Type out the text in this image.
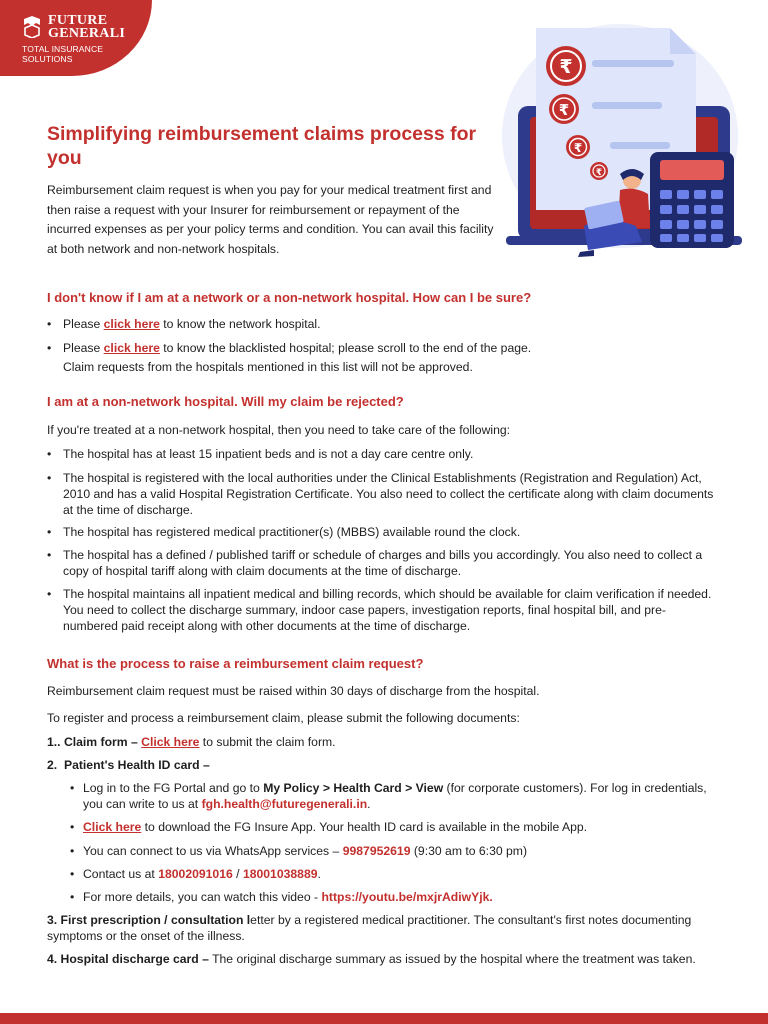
FUTURE
GENERALI
TOTAL INSURANCE SOLUTIONS	₹
₹
₹
₹
Simplifying reimbursement claims process for you
Reimbursement claim request is when you pay for your medical treatment first and then raise a request with your Insurer for reimbursement or repayment of the incurred expenses as per your policy terms and condition. You can avail this facility at both network and non-network hospitals.
I don't know if I am at a network or a non-network hospital. How can I be sure?
• Please click here to know the network hospital.
• Please click here to know the blacklisted hospital; please scroll to the end of the page.
Claim requests from the hospitals mentioned in this list will not be approved.
I am at a non-network hospital. Will my claim be rejected?
If you're treated at a non-network hospital, then you need to take care of the following:
• The hospital has at least 15 inpatient beds and is not a day care centre only.
• The hospital is registered with the local authorities under the Clinical Establishments (Registration and Regulation) Act, 2010 and has a valid Hospital Registration Certificate. You also need to collect the certificate along with claim documents at the time of discharge.
• The hospital has registered medical practitioner(s) (MBBS) available round the clock.
• The hospital has a defined / published tariff or schedule of charges and bills you accordingly. You also need to collect a copy of hospital tariff along with claim documents at the time of discharge.
• The hospital maintains all inpatient medical and billing records, which should be available for claim verification if needed. You need to collect the discharge summary, indoor case papers, investigation reports, final hospital bill, and pre-numbered paid receipt along with other documents at the time of discharge.
What is the process to raise a reimbursement claim request?
Reimbursement claim request must be raised within 30 days of discharge from the hospital.
To register and process a reimbursement claim, please submit the following documents:
1.. Claim form – Click here to submit the claim form.
2. Patient's Health ID card –
• Log in to the FG Portal and go to My Policy > Health Card > View (for corporate customers). For log in credentials, you can write to us at fgh.health@futuregenerali.in.
• Click here to download the FG Insure App. Your health ID card is available in the mobile App.
• You can connect to us via WhatsApp services – 9987952619 (9:30 am to 6:30 pm)
• Contact us at 18002091016 / 18001038889.
• For more details, you can watch this video - https://youtu.be/mxjrAdiwYjk.
3. First prescription / consultation letter by a registered medical practitioner. The consultant's first notes documenting symptoms or the onset of the illness.
4. Hospital discharge card – The original discharge summary as issued by the hospital where the treatment was taken.
